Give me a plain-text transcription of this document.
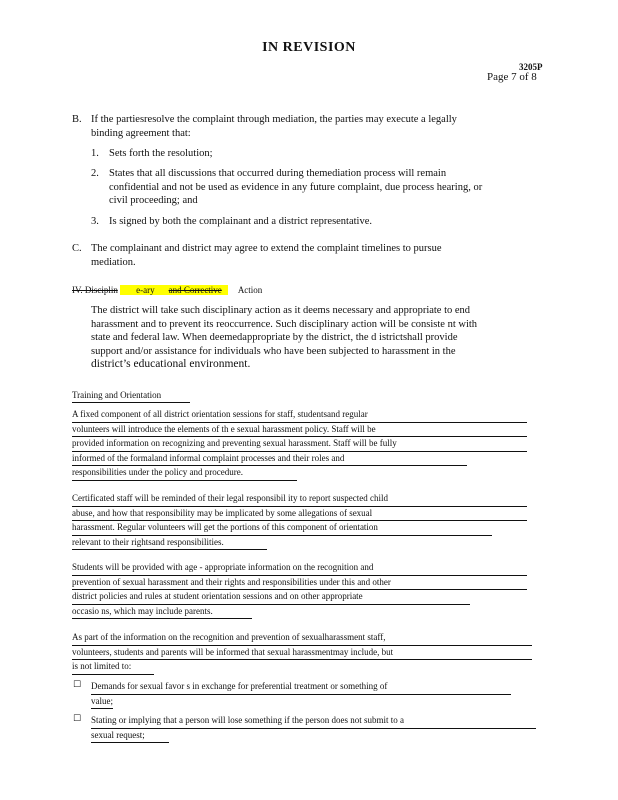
IN REVISION
3205P
Page 7 of 8
B. If the partiesresolve the complaint through mediation, the parties may execute a legally
binding agreement that:
1. Sets forth the resolution;
2. States that all discussions that occurred during themediation process will remain
confidential and not be used as evidence in any future complaint, due process hearing, or
civil proceeding; and
3. Is signed by both the complainant and a district representative.
C. The complainant and district may agree to extend the complaint timelines to pursue
mediation.
IV. Disciplin e-ary and Corrective Action
The district will take such disciplinary action as it deems necessary and appropriate to end
harassment and to prevent its reoccurrence. Such disciplinary action will be consiste nt with
state and federal law. When deemedappropriate by the district, the d istrictshall provide
support and/or assistance for individuals who have been subjected to harassment in the
district’s educational environment.
Training and Orientation
A fixed component of all district orientation sessions for staff, studentsand regular
volunteers will introduce the elements of th e sexual harassment policy. Staff will be
provided information on recognizing and preventing sexual harassment. Staff will be fully
informed of the formaland informal complaint processes and their roles and
responsibilities under the policy and procedure.
Certificated staff will be reminded of their legal responsibil ity to report suspected child
abuse, and how that responsibility may be implicated by some allegations of sexual
harassment. Regular volunteers will get the portions of this component of orientation
relevant to their rightsand responsibilities.
Students will be provided with age - appropriate information on the recognition and
prevention of sexual harassment and their rights and responsibilities under this and other
district policies and rules at student orientation sessions and on other appropriate
occasio ns, which may include parents.
As part of the information on the recognition and prevention of sexualharassment staff,
volunteers, students and parents will be informed that sexual harassmentmay include, but
is not limited to:
☐ Demands for sexual favor s in exchange for preferential treatment or something of
value;
☐ Stating or implying that a person will lose something if the person does not submit to a
sexual request;
